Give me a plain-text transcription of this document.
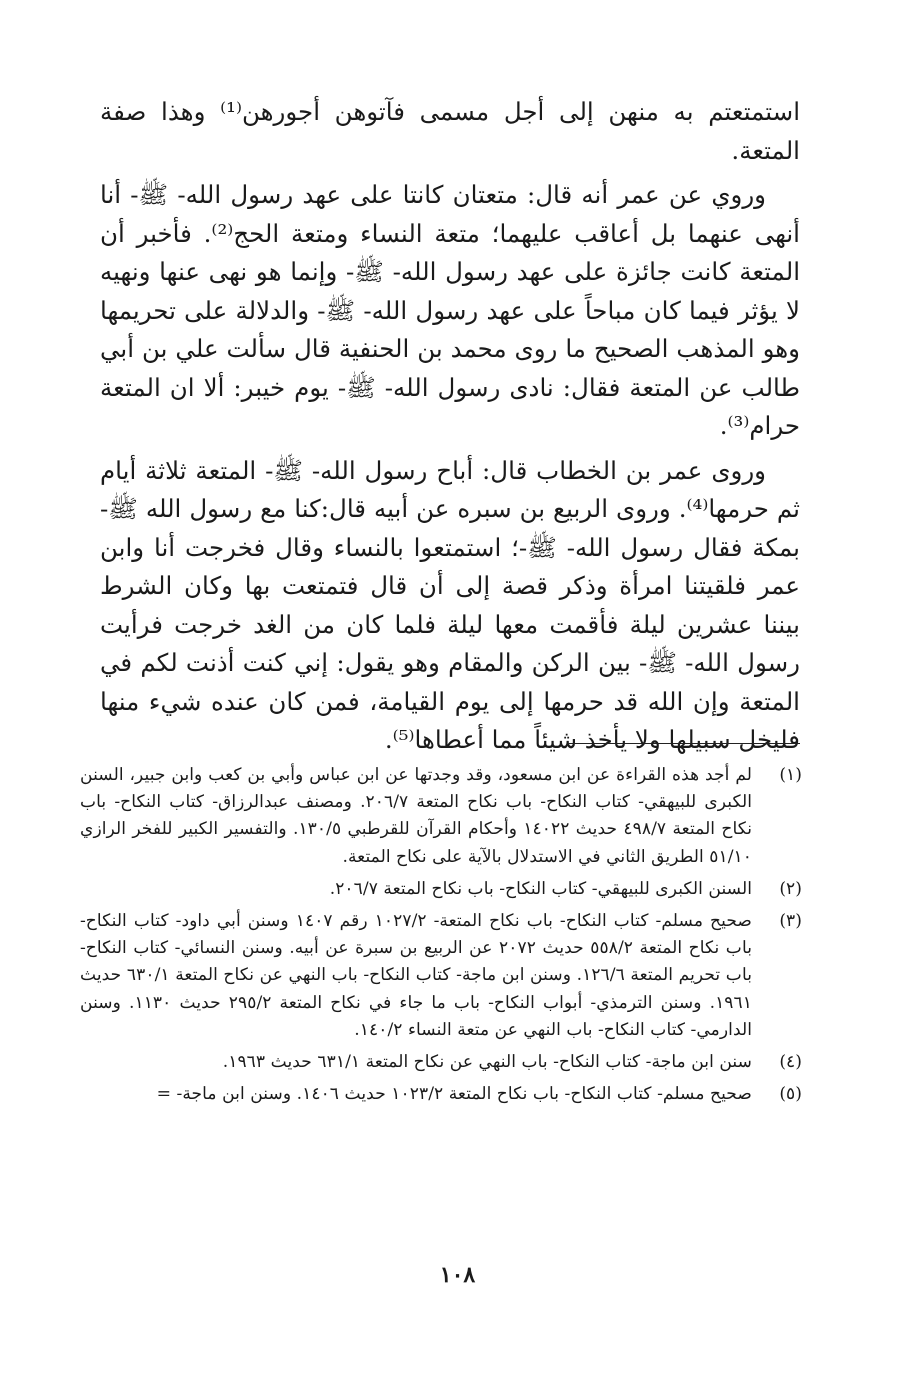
استمتعتم به منهن إلى أجل مسمى فآتوهن أجورهن⁽¹⁾ وهذا صفة المتعة.

وروي عن عمر أنه قال: متعتان كانتا على عهد رسول الله- ﷺ- أنا أنهى عنهما بل أعاقب عليهما؛ متعة النساء ومتعة الحج⁽²⁾. فأخبر أن المتعة كانت جائزة على عهد رسول الله- ﷺ- وإنما هو نهى عنها ونهيه لا يؤثر فيما كان مباحاً على عهد رسول الله- ﷺ- والدلالة على تحريمها وهو المذهب الصحيح ما روى محمد بن الحنفية قال سألت علي بن أبي طالب عن المتعة فقال: نادى رسول الله- ﷺ- يوم خيبر: ألا ان المتعة حرام⁽³⁾.

وروى عمر بن الخطاب قال: أباح رسول الله- ﷺ- المتعة ثلاثة أيام ثم حرمها⁽⁴⁾. وروى الربيع بن سبره عن أبيه قال:كنا مع رسول الله ﷺ- بمكة فقال رسول الله- ﷺ-؛ استمتعوا بالنساء وقال فخرجت أنا وابن عمر فلقيتنا امرأة وذكر قصة إلى أن قال فتمتعت بها وكان الشرط بيننا عشرين ليلة فأقمت معها ليلة فلما كان من الغد خرجت فرأيت رسول الله- ﷺ- بين الركن والمقام وهو يقول: إني كنت أذنت لكم في المتعة وإن الله قد حرمها إلى يوم القيامة، فمن كان عنده شيء منها فليخل سبيلها ولا يأخذ شيئاً مما أعطاها⁽⁵⁾.

(١)
لم أجد هذه القراءة عن ابن مسعود، وقد وجدتها عن ابن عباس وأبي بن كعب وابن جبير، السنن الكبرى للبيهقي- كتاب النكاح- باب نكاح المتعة ٢٠٦/٧. ومصنف عبدالرزاق- كتاب النكاح- باب نكاح المتعة ٤٩٨/٧ حديث ١٤٠٢٢ وأحكام القرآن للقرطبي ١٣٠/٥. والتفسير الكبير للفخر الرازي ٥١/١٠ الطريق الثاني في الاستدلال بالآية على نكاح المتعة.
(٢)
السنن الكبرى للبيهقي- كتاب النكاح- باب نكاح المتعة ٢٠٦/٧.
(٣)
صحيح مسلم- كتاب النكاح- باب نكاح المتعة- ١٠٢٧/٢ رقم ١٤٠٧ وسنن أبي داود- كتاب النكاح- باب نكاح المتعة ٥٥٨/٢ حديث ٢٠٧٢ عن الربيع بن سبرة عن أبيه. وسنن النسائي- كتاب النكاح- باب تحريم المتعة ١٢٦/٦. وسنن ابن ماجة- كتاب النكاح- باب النهي عن نكاح المتعة ٦٣٠/١ حديث ١٩٦١. وسنن الترمذي- أبواب النكاح- باب ما جاء في نكاح المتعة ٢٩٥/٢ حديث ١١٣٠. وسنن الدارمي- كتاب النكاح- باب النهي عن متعة النساء ١٤٠/٢.
(٤)
سنن ابن ماجة- كتاب النكاح- باب النهي عن نكاح المتعة ٦٣١/١ حديث ١٩٦٣.
(٥)
صحيح مسلم- كتاب النكاح- باب نكاح المتعة ١٠٢٣/٢ حديث ١٤٠٦. وسنن ابن ماجة- =
١٠٨
